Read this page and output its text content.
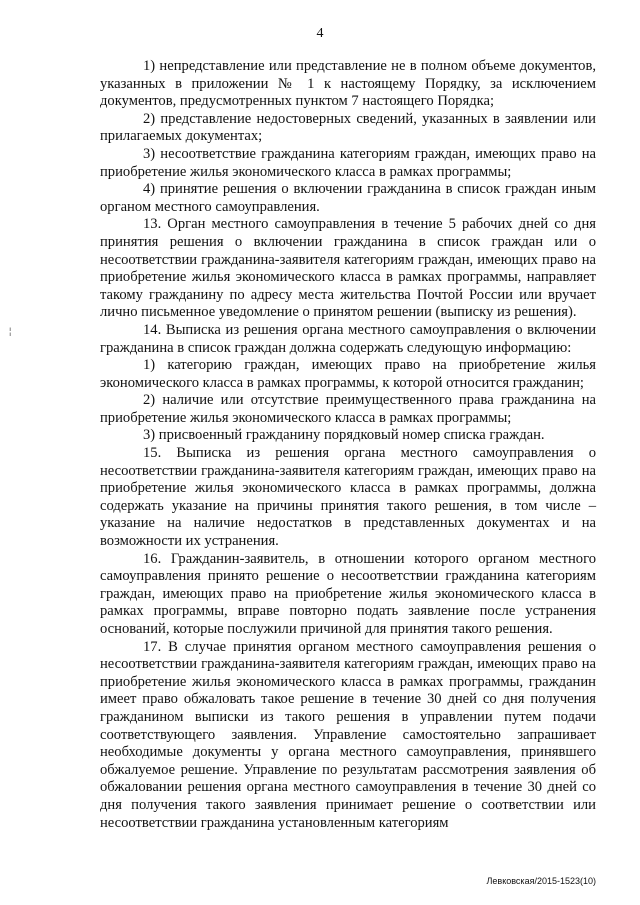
4
¦

1) непредставление или представление не в полном объеме документов, указанных в приложении № 1 к настоящему Порядку, за исключением документов, предусмотренных пунктом 7 настоящего Порядка;

2) представление недостоверных сведений, указанных в заявлении или прилагаемых документах;

3) несоответствие гражданина категориям граждан, имеющих право на приобретение жилья экономического класса в рамках программы;

4) принятие решения о включении гражданина в список граждан иным органом местного самоуправления.

13. Орган местного самоуправления в течение 5 рабочих дней со дня принятия решения о включении гражданина в список граждан или о несоответствии гражданина-заявителя категориям граждан, имеющих право на приобретение жилья экономического класса в рамках программы, направляет такому гражданину по адресу места жительства Почтой России или вручает лично письменное уведомление о принятом решении (выписку из решения).

14. Выписка из решения органа местного самоуправления о включении гражданина в список граждан должна содержать следующую информацию:

1) категорию граждан, имеющих право на приобретение жилья экономического класса в рамках программы, к которой относится гражданин;

2) наличие или отсутствие преимущественного права гражданина на приобретение жилья экономического класса в рамках программы;

3) присвоенный гражданину порядковый номер списка граждан.

15. Выписка из решения органа местного самоуправления о несоответствии гражданина-заявителя категориям граждан, имеющих право на приобретение жилья экономического класса в рамках программы, должна содержать указание на причины принятия такого решения, в том числе – указание на наличие недостатков в представленных документах и на возможности их устранения.

16. Гражданин-заявитель, в отношении которого органом местного самоуправления принято решение о несоответствии гражданина категориям граждан, имеющих право на приобретение жилья экономического класса в рамках программы, вправе повторно подать заявление после устранения оснований, которые послужили причиной для принятия такого решения.

17. В случае принятия органом местного самоуправления решения о несоответствии гражданина-заявителя категориям граждан, имеющих право на приобретение жилья экономического класса в рамках программы, гражданин имеет право обжаловать такое решение в течение 30 дней со дня получения гражданином выписки из такого решения в управлении путем подачи соответствующего заявления. Управление самостоятельно запрашивает необходимые документы у органа местного самоуправления, принявшего обжалуемое решение. Управление по результатам рассмотрения заявления об обжаловании решения органа местного самоуправления в течение 30 дней со дня получения такого заявления принимает решение о соответствии или несоответствии гражданина установленным категориям

Левковская/2015-1523(10)
